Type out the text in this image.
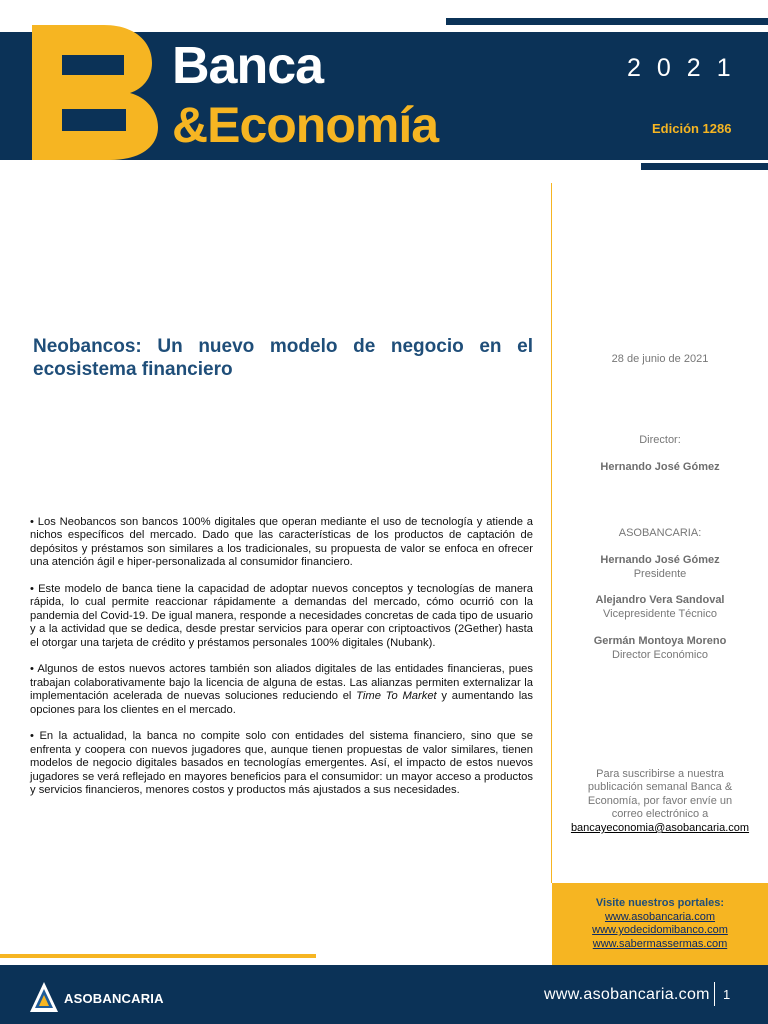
Banca
&Economía
2021
Edición 1286
Neobancos: Un nuevo modelo de negocio en el ecosistema financiero

• Los Neobancos son bancos 100% digitales que operan mediante el uso de tecnología y atiende a nichos específicos del mercado. Dado que las características de los productos de captación de depósitos y préstamos son similares a los tradicionales, su propuesta de valor se enfoca en ofrecer una atención ágil e hiper-personalizada al consumidor financiero.

• Este modelo de banca tiene la capacidad de adoptar nuevos conceptos y tecnologías de manera rápida, lo cual permite reaccionar rápidamente a demandas del mercado, cómo ocurrió con la pandemia del Covid-19. De igual manera, responde a necesidades concretas de cada tipo de usuario y a la actividad que se dedica, desde prestar servicios para operar con criptoactivos (2Gether) hasta el otorgar una tarjeta de crédito y préstamos personales 100% digitales (Nubank).

• Algunos de estos nuevos actores también son aliados digitales de las entidades financieras, pues trabajan colaborativamente bajo la licencia de alguna de estas. Las alianzas permiten externalizar la implementación acelerada de nuevas soluciones reduciendo el Time To Market y aumentando las opciones para los clientes en el mercado.

• En la actualidad, la banca no compite solo con entidades del sistema financiero, sino que se enfrenta y coopera con nuevos jugadores que, aunque tienen propuestas de valor similares, tienen modelos de negocio digitales basados en tecnologías emergentes. Así, el impacto de estos nuevos jugadores se verá reflejado en mayores beneficios para el consumidor: un mayor acceso a productos y servicios financieros, menores costos y productos más ajustados a sus necesidades.

28 de junio de 2021
Director:
Hernando José Gómez
ASOBANCARIA:
Hernando José Gómez
Presidente
Alejandro Vera Sandoval
Vicepresidente Técnico
Germán Montoya Moreno
Director Económico
Para suscribirse a nuestra
publicación semanal Banca &
Economía, por favor envíe un
correo electrónico a
bancayeconomia@asobancaria.com
Visite nuestros portales:
www.asobancaria.com
www.yodecidomibanco.com
www.sabermassermas.com
ASOBANCARIA	www.asobancaria.com 1
